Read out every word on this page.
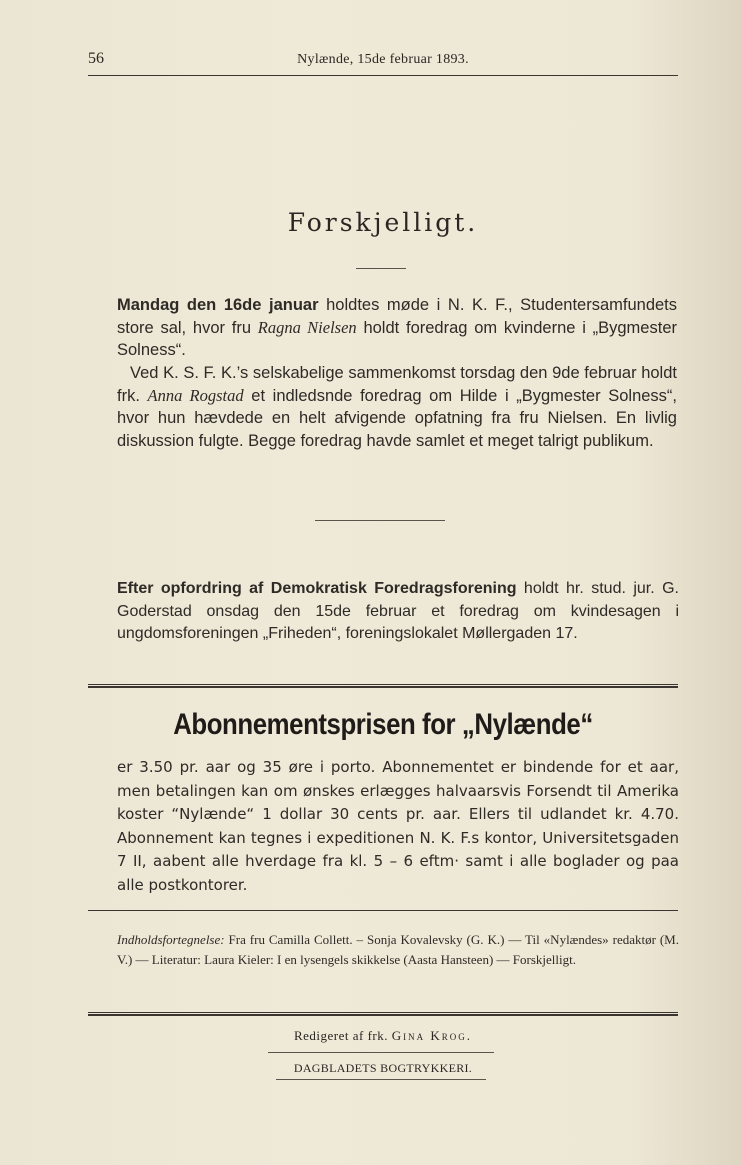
56	Nylænde, 15de februar 1893.
Forskjelligt.

Mandag den 16de januar holdtes møde i N. K. F., Studentersamfundets store sal, hvor fru Ragna Nielsen holdt foredrag om kvinderne i „Bygmester Solness“.

Ved K. S. F. K.’s selskabelige sammenkomst torsdag den 9de februar holdt frk. Anna Rogstad et indledsnde foredrag om Hilde i „Bygmester Solness“, hvor hun hævdede en helt afvigende opfatning fra fru Nielsen. En livlig diskussion fulgte. Begge foredrag havde samlet et meget talrigt publikum.

Efter opfordring af Demokratisk Foredragsforening holdt hr. stud. jur. G. Goderstad onsdag den 15de februar et foredrag om kvindesagen i ungdomsforeningen „Friheden“, foreningslokalet Møllergaden 17.

Abonnementsprisen for „Nylænde“

er 3.50 pr. aar og 35 øre i porto. Abonnementet er bindende for et aar, men betalingen kan om ønskes erlægges halvaarsvis Forsendt til Amerika koster “Nylænde“ 1 dollar 30 cents pr. aar. Ellers til udlandet kr. 4.70. Abonnement kan tegnes i expeditionen N. K. F.s kontor, Universitetsgaden 7 II, aabent alle hverdage fra kl. 5 – 6 eftm· samt i alle boglader og paa alle postkontorer.

Indholdsfortegnelse: Fra fru Camilla Collett. – Sonja Kovalevsky (G. K.) — Til «Nylændes» redaktør (M. V.) — Literatur: Laura Kieler: I en lysengels skikkelse (Aasta Hansteen) — Forskjelligt.

Redigeret af frk. Gina Krog.
DAGBLADETS BOGTRYKKERI.
